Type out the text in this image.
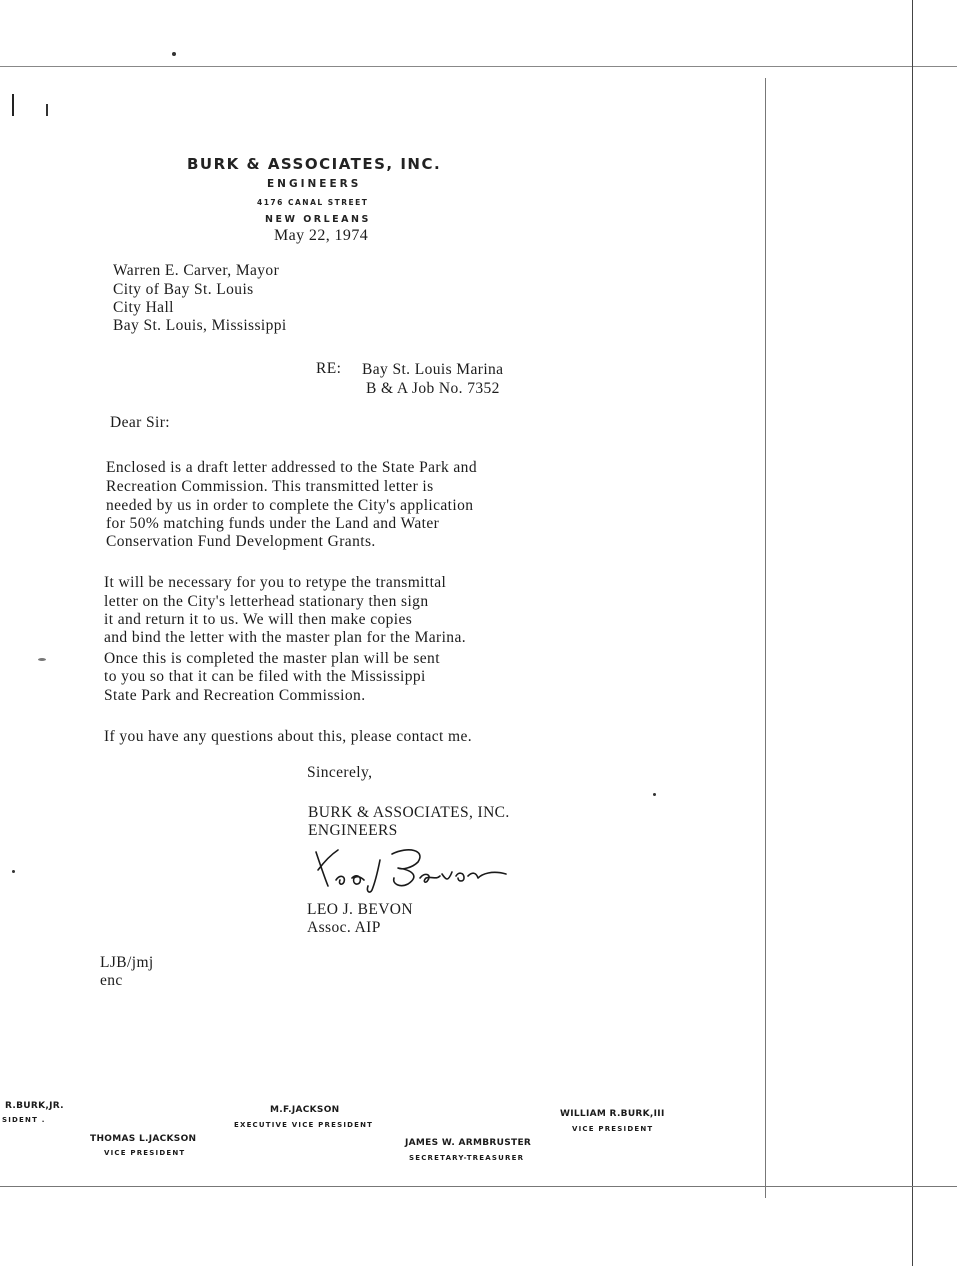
BURK & ASSOCIATES, INC.
ENGINEERS
4176 CANAL STREET
NEW ORLEANS
May 22, 1974
Warren E. Carver, Mayor
City of Bay St. Louis
City Hall
Bay St. Louis, Mississippi
RE: Bay St. Louis Marina
B & A Job No. 7352
Dear Sir:
Enclosed is a draft letter addressed to the State Park and
Recreation Commission. This transmitted letter is
needed by us in order to complete the City's application
for 50% matching funds under the Land and Water
Conservation Fund Development Grants.
It will be necessary for you to retype the transmittal
letter on the City's letterhead stationary then sign
it and return it to us. We will then make copies
and bind the letter with the master plan for the Marina.
Once this is completed the master plan will be sent
to you so that it can be filed with the Mississippi
State Park and Recreation Commission.
If you have any questions about this, please contact me.
Sincerely,
BURK & ASSOCIATES, INC.
ENGINEERS
LEO J. BEVON
Assoc. AIP
LJB/jmj
enc
R.BURK,JR.
SIDENT .
THOMAS L.JACKSON
VICE PRESIDENT
M.F.JACKSON
EXECUTIVE VICE PRESIDENT
JAMES W. ARMBRUSTER
SECRETARY-TREASURER
WILLIAM R.BURK,III
VICE PRESIDENT
